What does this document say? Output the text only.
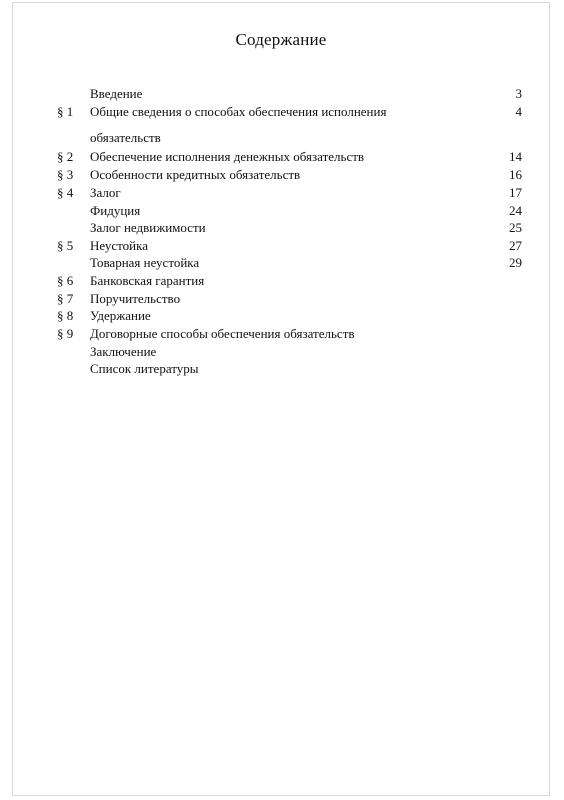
Содержание
Введение	3
§ 1	Общие сведения о способах обеспечения исполнения	4
обязательств
§ 2	Обеспечение исполнения денежных обязательств	14
§ 3	Особенности кредитных обязательств	16
§ 4	Залог	17
Фидуция	24
Залог недвижимости	25
§ 5	Неустойка	27
Товарная неустойка	29
§ 6	Банковская гарантия
§ 7	Поручительство
§ 8	Удержание
§ 9	Договорные способы обеспечения обязательств
Заключение
Список литературы
